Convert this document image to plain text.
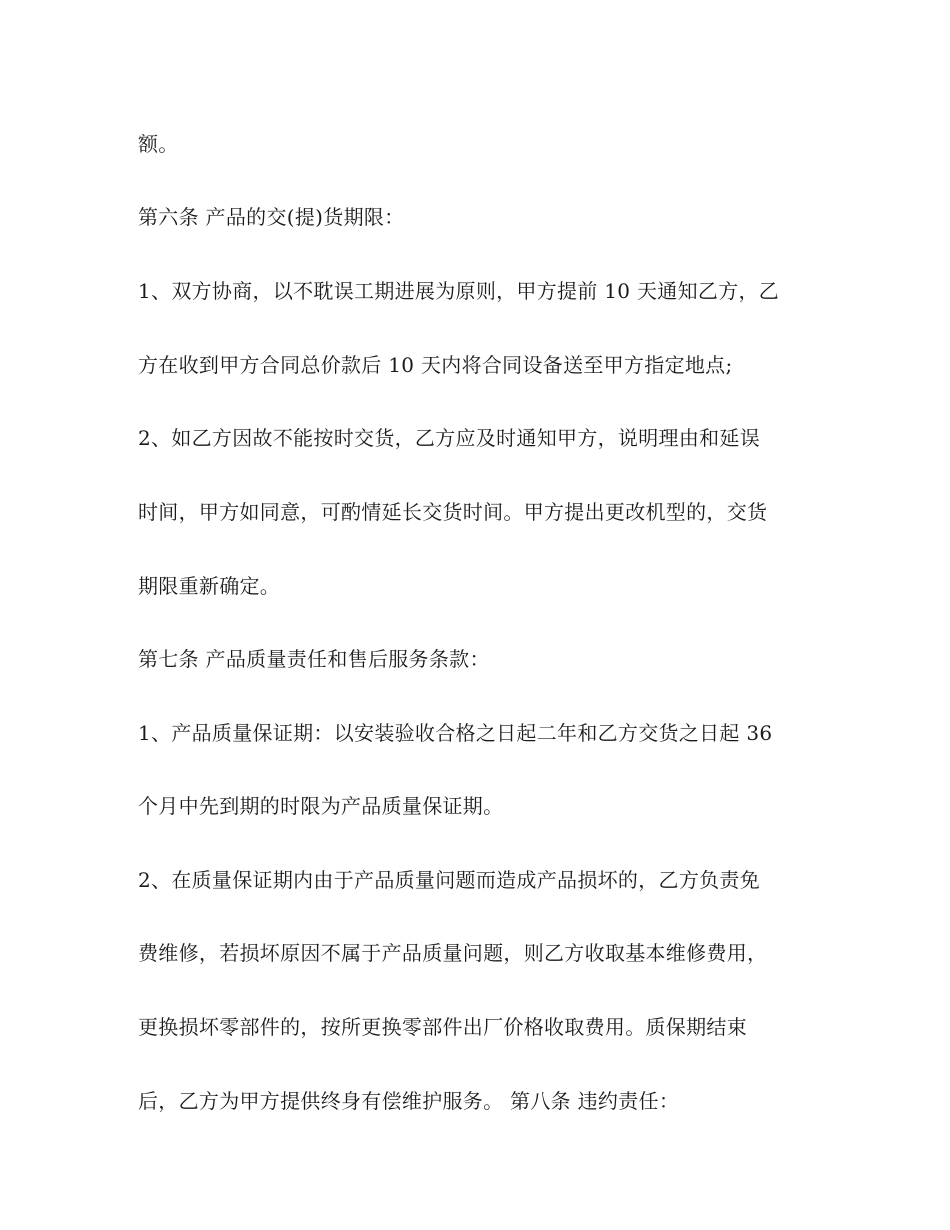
额。
第六条 产品的交(提)货期限：
1、双方协商，以不耽误工期进展为原则，甲方提前 10 天通知乙方，乙
方在收到甲方合同总价款后 10 天内将合同设备送至甲方指定地点;
2、如乙方因故不能按时交货，乙方应及时通知甲方，说明理由和延误
时间，甲方如同意，可酌情延长交货时间。甲方提出更改机型的，交货
期限重新确定。
第七条 产品质量责任和售后服务条款：
1、产品质量保证期：以安装验收合格之日起二年和乙方交货之日起 36
个月中先到期的时限为产品质量保证期。
2、在质量保证期内由于产品质量问题而造成产品损坏的，乙方负责免
费维修，若损坏原因不属于产品质量问题，则乙方收取基本维修费用，
更换损坏零部件的，按所更换零部件出厂价格收取费用。质保期结束
后，乙方为甲方提供终身有偿维护服务。 第八条 违约责任：
